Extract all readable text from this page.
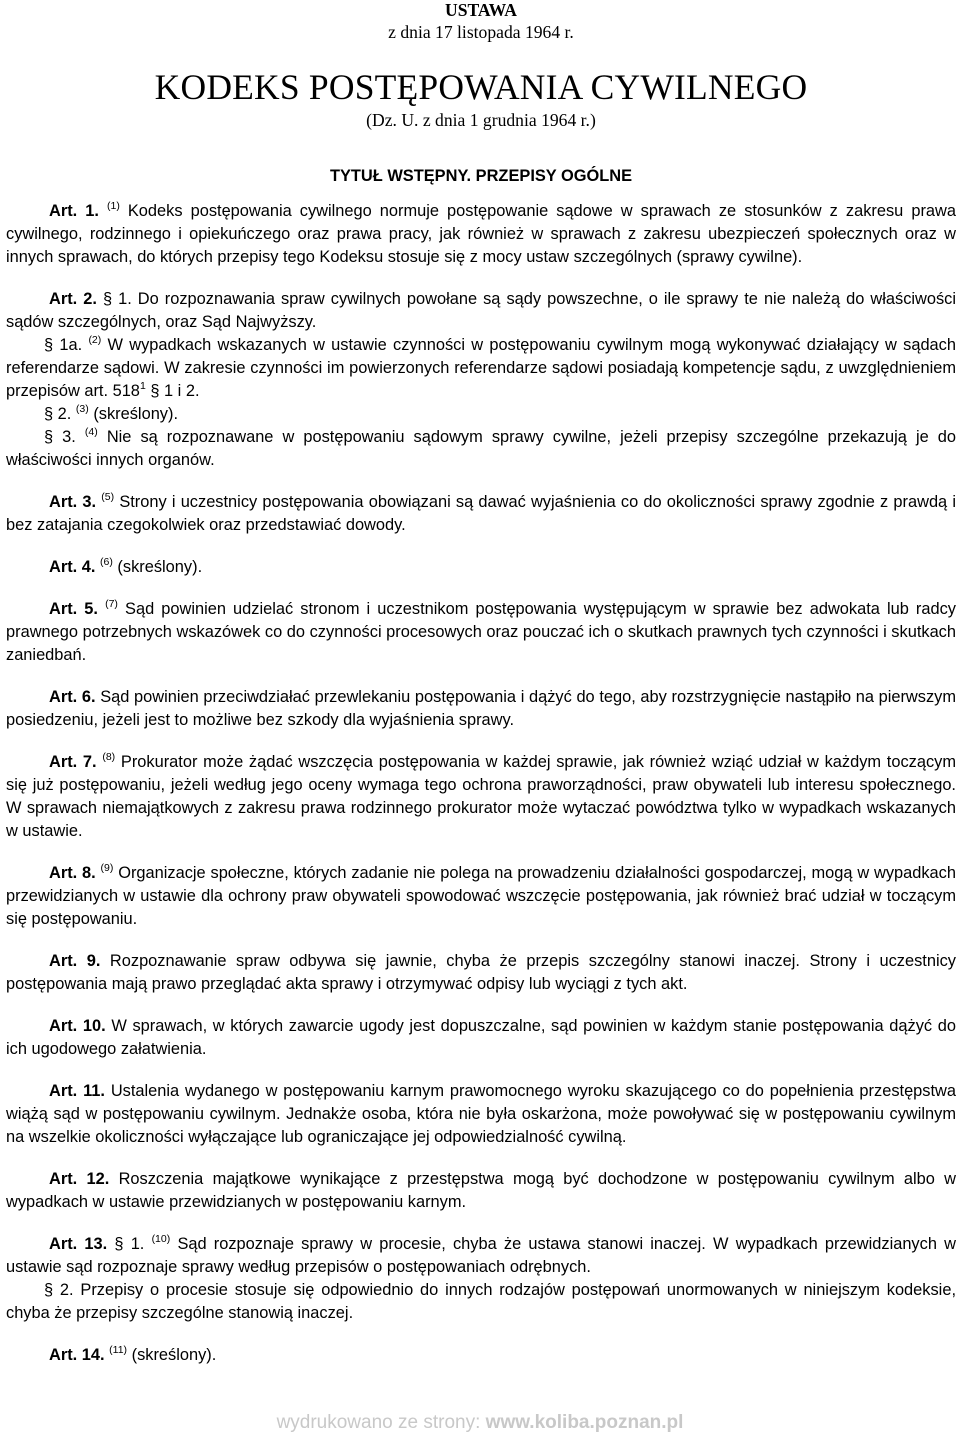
USTAWA
z dnia 17 listopada 1964 r.
KODEKS POSTĘPOWANIA CYWILNEGO
(Dz. U. z dnia 1 grudnia 1964 r.)
TYTUŁ WSTĘPNY. PRZEPISY OGÓLNE

Art. 1. $^{(1)}$ Kodeks postępowania cywilnego normuje postępowanie sądowe w sprawach ze stosunków z zakresu prawa cywilnego, rodzinnego i opiekuńczego oraz prawa pracy, jak również w sprawach z zakresu ubezpieczeń społecznych oraz w innych sprawach, do których przepisy tego Kodeksu stosuje się z mocy ustaw szczególnych (sprawy cywilne).

Art. 2. § 1. Do rozpoznawania spraw cywilnych powołane są sądy powszechne, o ile sprawy te nie należą do właściwości sądów szczególnych, oraz Sąd Najwyższy.

§ 1a. $^{(2)}$ W wypadkach wskazanych w ustawie czynności w postępowaniu cywilnym mogą wykonywać działający w sądach referendarze sądowi. W zakresie czynności im powierzonych referendarze sądowi posiadają kompetencje sądu, z uwzględnieniem przepisów art. $518^1$ § 1 i 2.

§ 2. $^{(3)}$ (skreślony).

§ 3. $^{(4)}$ Nie są rozpoznawane w postępowaniu sądowym sprawy cywilne, jeżeli przepisy szczególne przekazują je do właściwości innych organów.

Art. 3. $^{(5)}$ Strony i uczestnicy postępowania obowiązani są dawać wyjaśnienia co do okoliczności sprawy zgodnie z prawdą i bez zatajania czegokolwiek oraz przedstawiać dowody.

Art. 4. $^{(6)}$ (skreślony).

Art. 5. $^{(7)}$ Sąd powinien udzielać stronom i uczestnikom postępowania występującym w sprawie bez adwokata lub radcy prawnego potrzebnych wskazówek co do czynności procesowych oraz pouczać ich o skutkach prawnych tych czynności i skutkach zaniedbań.

Art. 6. Sąd powinien przeciwdziałać przewlekaniu postępowania i dążyć do tego, aby rozstrzygnięcie nastąpiło na pierwszym posiedzeniu, jeżeli jest to możliwe bez szkody dla wyjaśnienia sprawy.

Art. 7. $^{(8)}$ Prokurator może żądać wszczęcia postępowania w każdej sprawie, jak również wziąć udział w każdym toczącym się już postępowaniu, jeżeli według jego oceny wymaga tego ochrona praworządności, praw obywateli lub interesu społecznego. W sprawach niemajątkowych z zakresu prawa rodzinnego prokurator może wytaczać powództwa tylko w wypadkach wskazanych w ustawie.

Art. 8. $^{(9)}$ Organizacje społeczne, których zadanie nie polega na prowadzeniu działalności gospodarczej, mogą w wypadkach przewidzianych w ustawie dla ochrony praw obywateli spowodować wszczęcie postępowania, jak również brać udział w toczącym się postępowaniu.

Art. 9. Rozpoznawanie spraw odbywa się jawnie, chyba że przepis szczególny stanowi inaczej. Strony i uczestnicy postępowania mają prawo przeglądać akta sprawy i otrzymywać odpisy lub wyciągi z tych akt.

Art. 10. W sprawach, w których zawarcie ugody jest dopuszczalne, sąd powinien w każdym stanie postępowania dążyć do ich ugodowego załatwienia.

Art. 11. Ustalenia wydanego w postępowaniu karnym prawomocnego wyroku skazującego co do popełnienia przestępstwa wiążą sąd w postępowaniu cywilnym. Jednakże osoba, która nie była oskarżona, może powoływać się w postępowaniu cywilnym na wszelkie okoliczności wyłączające lub ograniczające jej odpowiedzialność cywilną.

Art. 12. Roszczenia majątkowe wynikające z przestępstwa mogą być dochodzone w postępowaniu cywilnym albo w wypadkach w ustawie przewidzianych w postępowaniu karnym.

Art. 13. § 1. $^{(10)}$ Sąd rozpoznaje sprawy w procesie, chyba że ustawa stanowi inaczej. W wypadkach przewidzianych w ustawie sąd rozpoznaje sprawy według przepisów o postępowaniach odrębnych.

§ 2. Przepisy o procesie stosuje się odpowiednio do innych rodzajów postępowań unormowanych w niniejszym kodeksie, chyba że przepisy szczególne stanowią inaczej.

Art. 14. $^{(11)}$ (skreślony).

wydrukowano ze strony: www.koliba.poznan.pl
